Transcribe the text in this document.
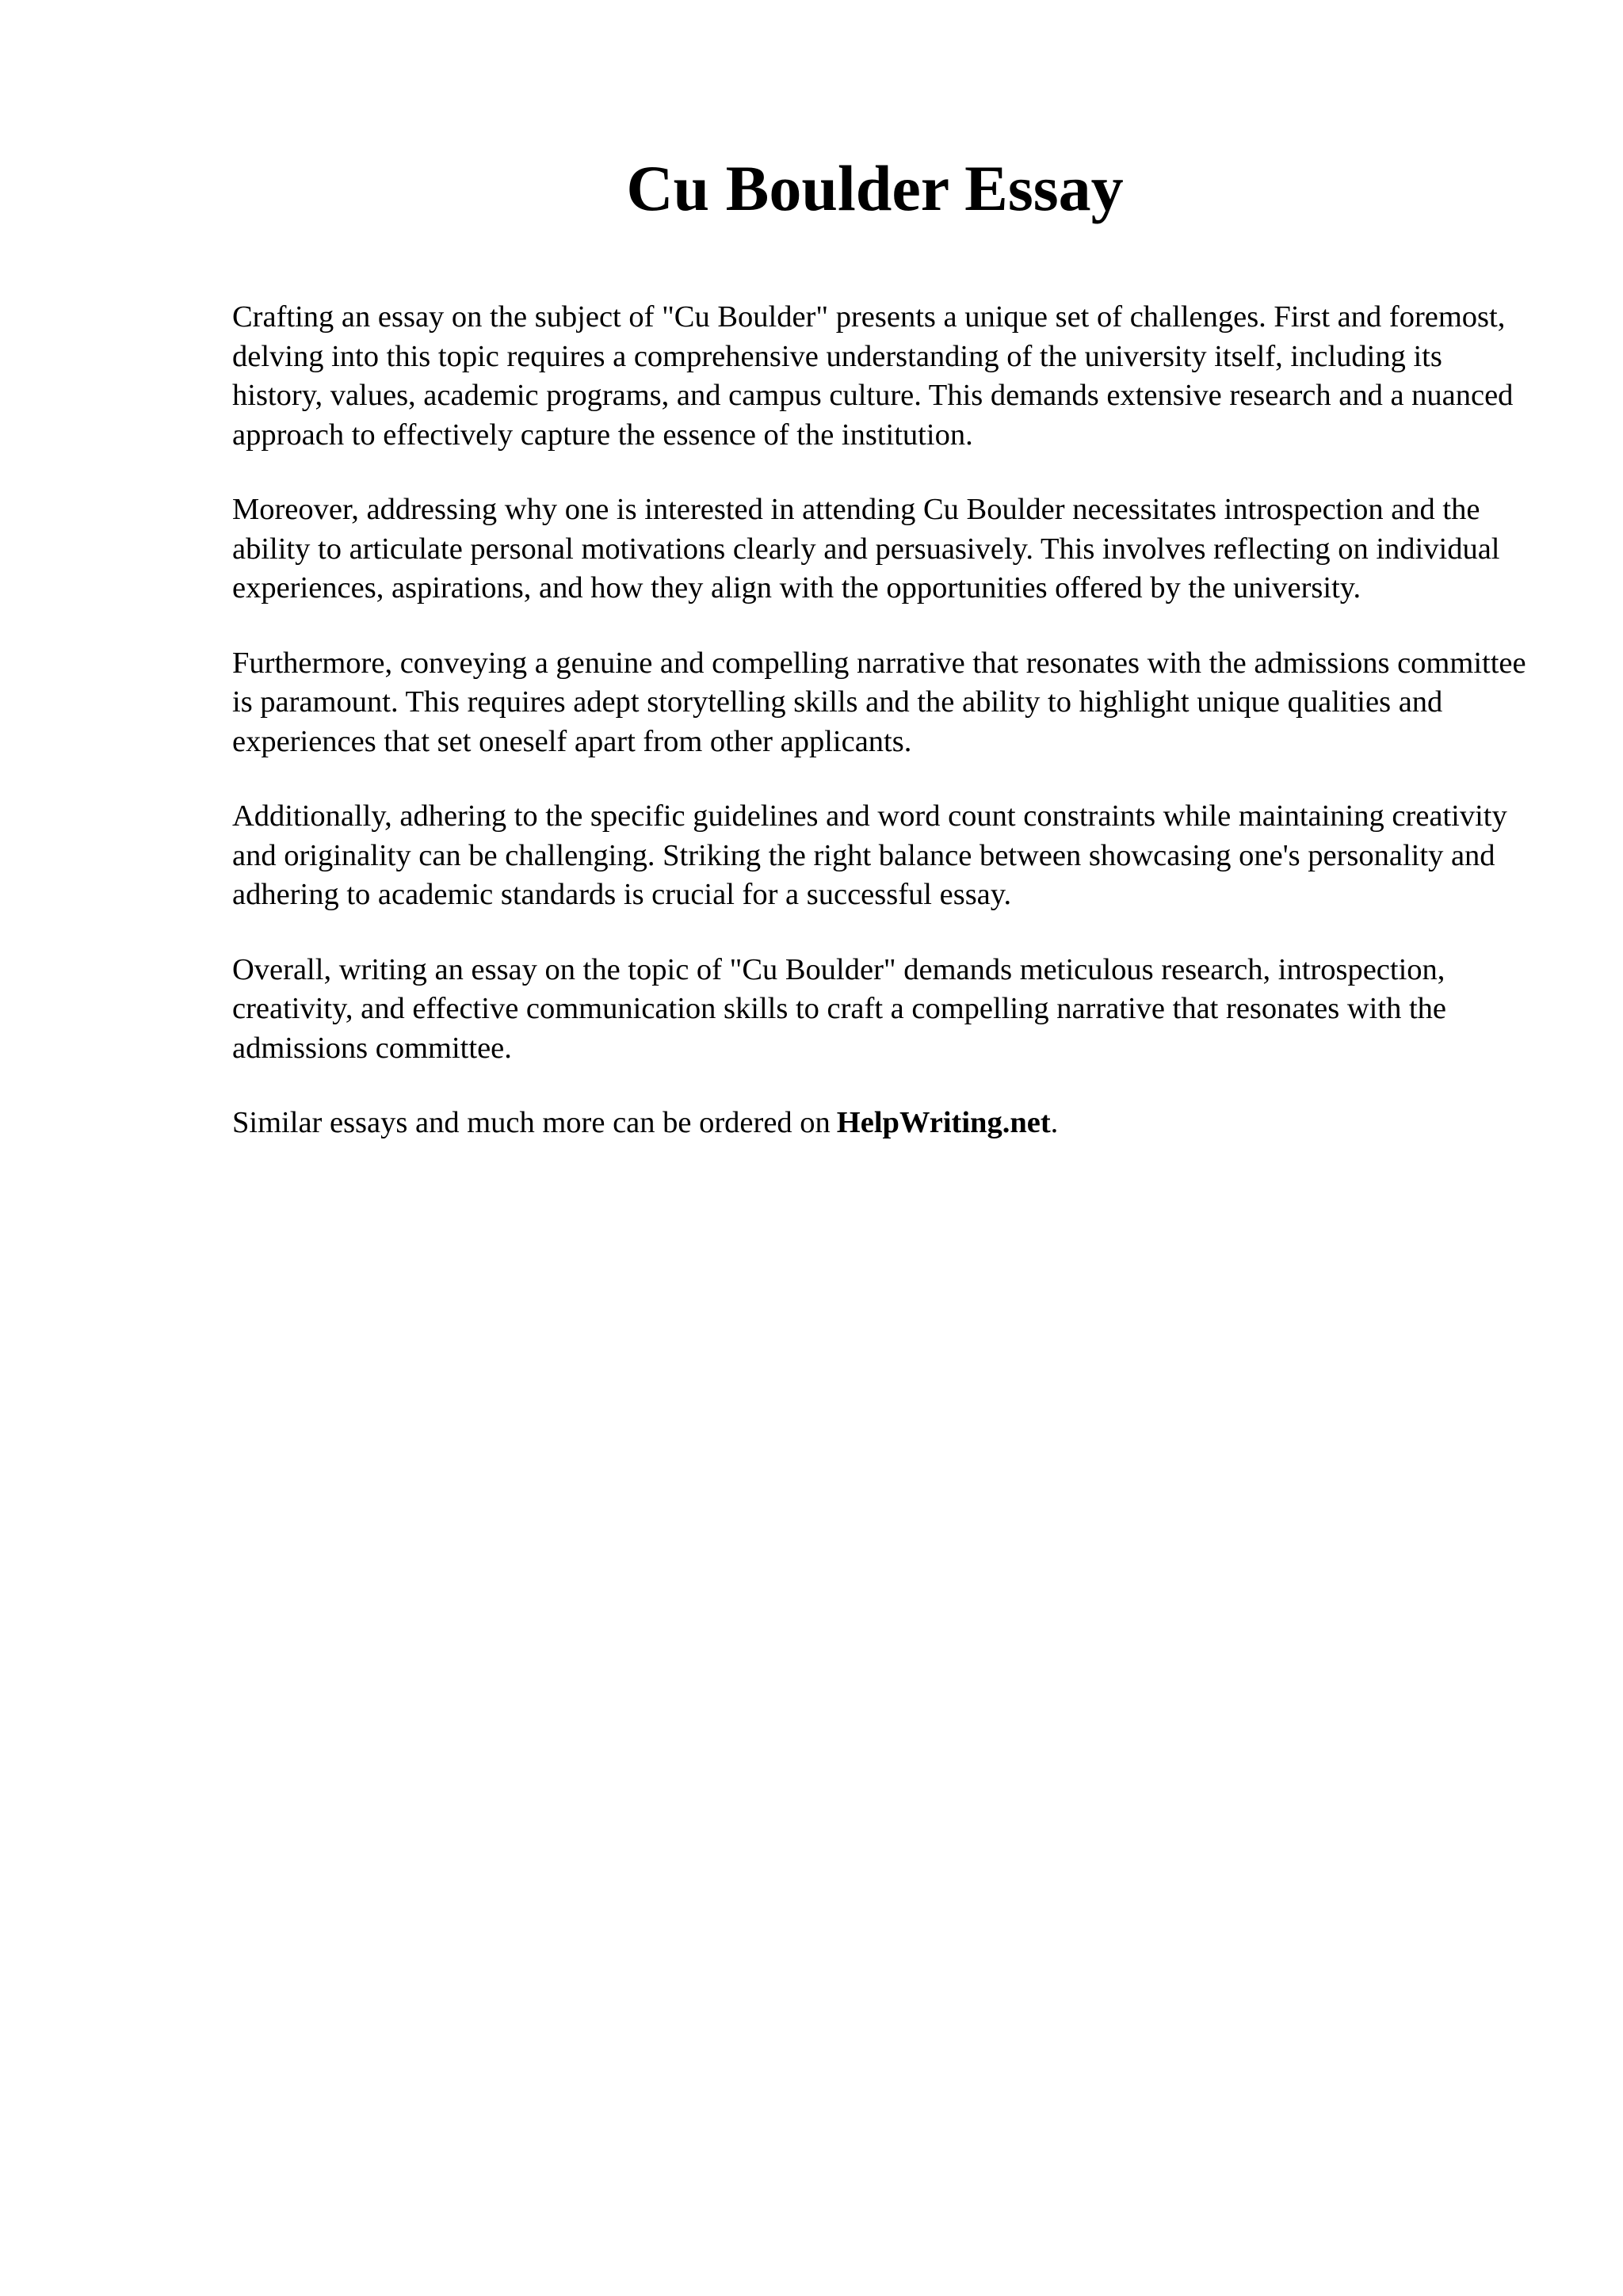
Cu Boulder Essay

Crafting an essay on the subject of "Cu Boulder" presents a unique set of challenges. First and foremost, delving into this topic requires a comprehensive understanding of the university itself, including its history, values, academic programs, and campus culture. This demands extensive research and a nuanced approach to effectively capture the essence of the institution.

Moreover, addressing why one is interested in attending Cu Boulder necessitates introspection and the ability to articulate personal motivations clearly and persuasively. This involves reflecting on individual experiences, aspirations, and how they align with the opportunities offered by the university.

Furthermore, conveying a genuine and compelling narrative that resonates with the admissions committee is paramount. This requires adept storytelling skills and the ability to highlight unique qualities and experiences that set oneself apart from other applicants.

Additionally, adhering to the specific guidelines and word count constraints while maintaining creativity and originality can be challenging. Striking the right balance between showcasing one's personality and adhering to academic standards is crucial for a successful essay.

Overall, writing an essay on the topic of "Cu Boulder" demands meticulous research, introspection, creativity, and effective communication skills to craft a compelling narrative that resonates with the admissions committee.

Similar essays and much more can be ordered on HelpWriting.net.
